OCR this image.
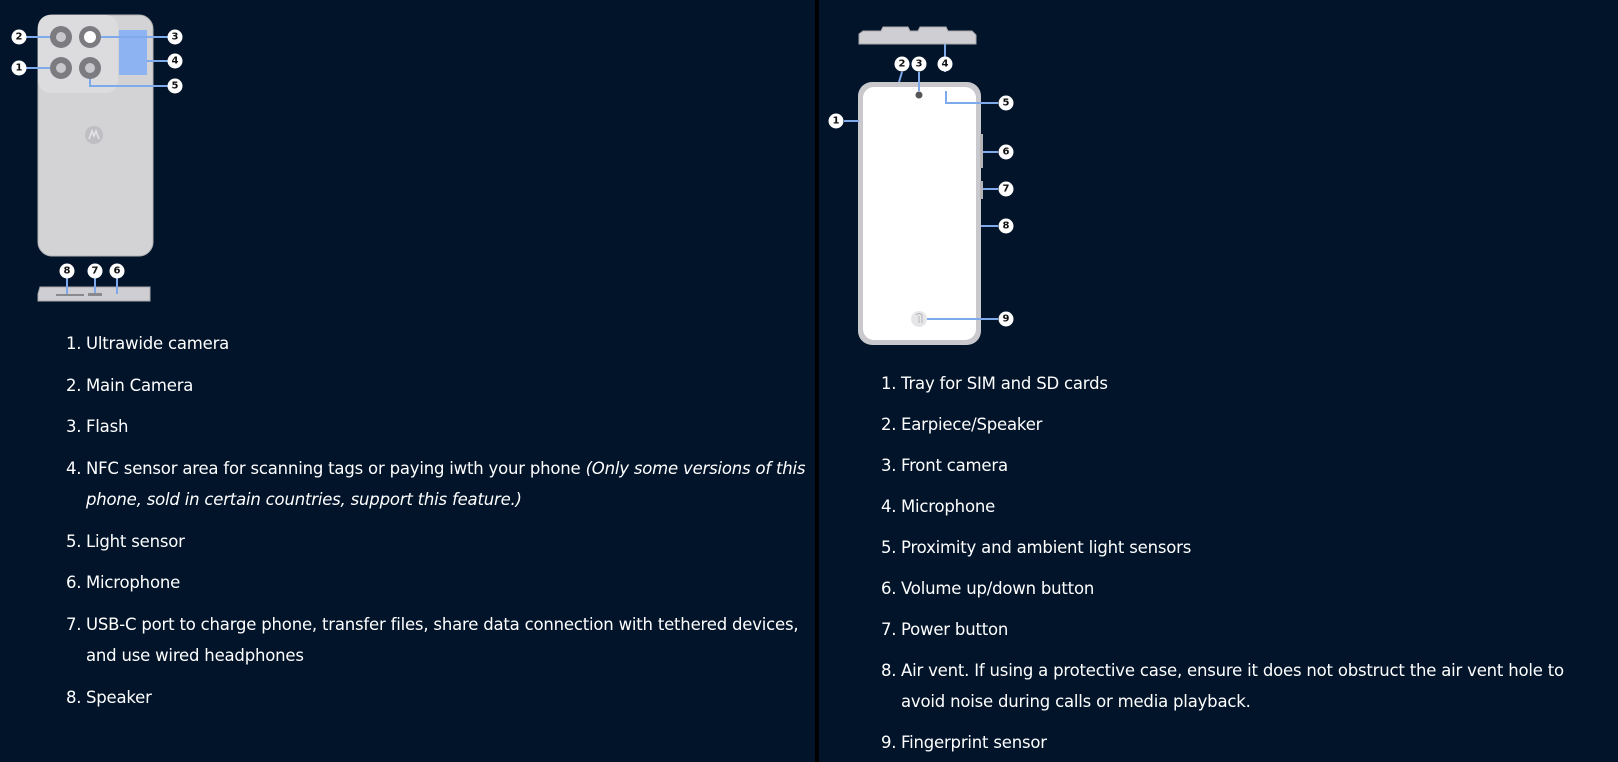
1
2	3
4
5
6
7
8
1. Ultrawide camera
2. Main Camera
3. Flash
4. NFC sensor area for scanning tags or paying iwth your phone (Only some versions of this phone, sold in certain countries, support this feature.)
5. Light sensor
6. Microphone
7. USB-C port to charge phone, transfer files, share data connection with tethered devices, and use wired headphones
8. Speaker
1
2 3 4
5
6
7
8
9
1. Tray for SIM and SD cards
2. Earpiece/Speaker
3. Front camera
4. Microphone
5. Proximity and ambient light sensors
6. Volume up/down button
7. Power button
8. Air vent. If using a protective case, ensure it does not obstruct the air vent hole to avoid noise during calls or media playback.
9. Fingerprint sensor
